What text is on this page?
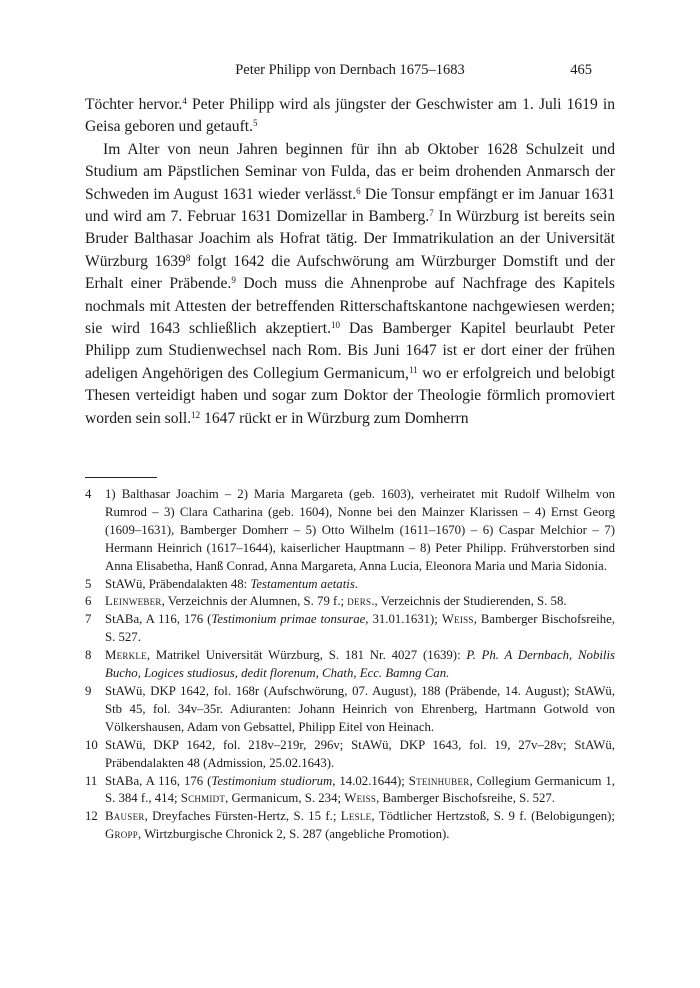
Peter Philipp von Dernbach 1675–1683	465

Töchter hervor.$^4$ Peter Philipp wird als jüngster der Geschwister am 1. Juli 1619 in Geisa geboren und getauft.$^5$

Im Alter von neun Jahren beginnen für ihn ab Oktober 1628 Schulzeit und Studium am Päpstlichen Seminar von Fulda, das er beim drohenden Anmarsch der Schweden im August 1631 wieder verlässt.$^6$ Die Tonsur empfängt er im Januar 1631 und wird am 7. Februar 1631 Domizellar in Bamberg.$^7$ In Würzburg ist bereits sein Bruder Balthasar Joachim als Hofrat tätig. Der Immatrikulation an der Universität Würzburg 1639$^8$ folgt 1642 die Aufschwörung am Würzburger Domstift und der Erhalt einer Präbende.$^9$ Doch muss die Ahnenprobe auf Nachfrage des Kapitels nochmals mit Attesten der betreffenden Ritterschaftskantone nachgewiesen werden; sie wird 1643 schließlich akzeptiert.$^{10}$ Das Bamberger Kapitel beurlaubt Peter Philipp zum Studienwechsel nach Rom. Bis Juni 1647 ist er dort einer der frühen adeligen Angehörigen des Collegium Germanicum,$^{11}$ wo er erfolgreich und belobigt Thesen verteidigt haben und sogar zum Doktor der Theologie förmlich promoviert worden sein soll.$^{12}$ 1647 rückt er in Würzburg zum Domherrn

4	1) Balthasar Joachim – 2) Maria Margareta (geb. 1603), verheiratet mit Rudolf Wilhelm von Rumrod – 3) Clara Catharina (geb. 1604), Nonne bei den Mainzer Klarissen – 4) Ernst Georg (1609–1631), Bamberger Domherr – 5) Otto Wilhelm (1611–1670) – 6) Caspar Melchior – 7) Hermann Heinrich (1617–1644), kaiserlicher Hauptmann – 8) Peter Philipp. Frühverstorben sind Anna Elisabetha, Hanß Conrad, Anna Margareta, Anna Lucia, Eleonora Maria und Maria Sidonia.
5	StAWü, Präbendalakten 48: Testamentum aetatis.
6	Leinweber, Verzeichnis der Alumnen, S. 79 f.; ders., Verzeichnis der Studierenden, S. 58.
7	StABa, A 116, 176 (Testimonium primae tonsurae, 31.01.1631); Weiss, Bamberger Bischofsreihe, S. 527.
8	Merkle, Matrikel Universität Würzburg, S. 181 Nr. 4027 (1639): P. Ph. A Dernbach, Nobilis Bucho, Logices studiosus, dedit florenum, Chath, Ecc. Bamng Can.
9	StAWü, DKP 1642, fol. 168r (Aufschwörung, 07. August), 188 (Präbende, 14. August); StAWü, Stb 45, fol. 34v–35r. Adiuranten: Johann Heinrich von Ehrenberg, Hartmann Gotwold von Völkershausen, Adam von Gebsattel, Philipp Eitel von Heinach.
10 StAWü, DKP 1642, fol. 218v–219r, 296v; StAWü, DKP 1643, fol. 19, 27v–28v; StAWü, Präbendalakten 48 (Admission, 25.02.1643).
11 StABa, A 116, 176 (Testimonium studiorum, 14.02.1644); Steinhuber, Collegium Germanicum 1, S. 384 f., 414; Schmidt, Germanicum, S. 234; Weiss, Bamberger Bischofsreihe, S. 527.
12 Bauser, Dreyfaches Fürsten-Hertz, S. 15 f.; Lesle, Tödtlicher Hertzstoß, S. 9 f. (Belobigungen); Gropp, Wirtzburgische Chronick 2, S. 287 (angebliche Promotion).
